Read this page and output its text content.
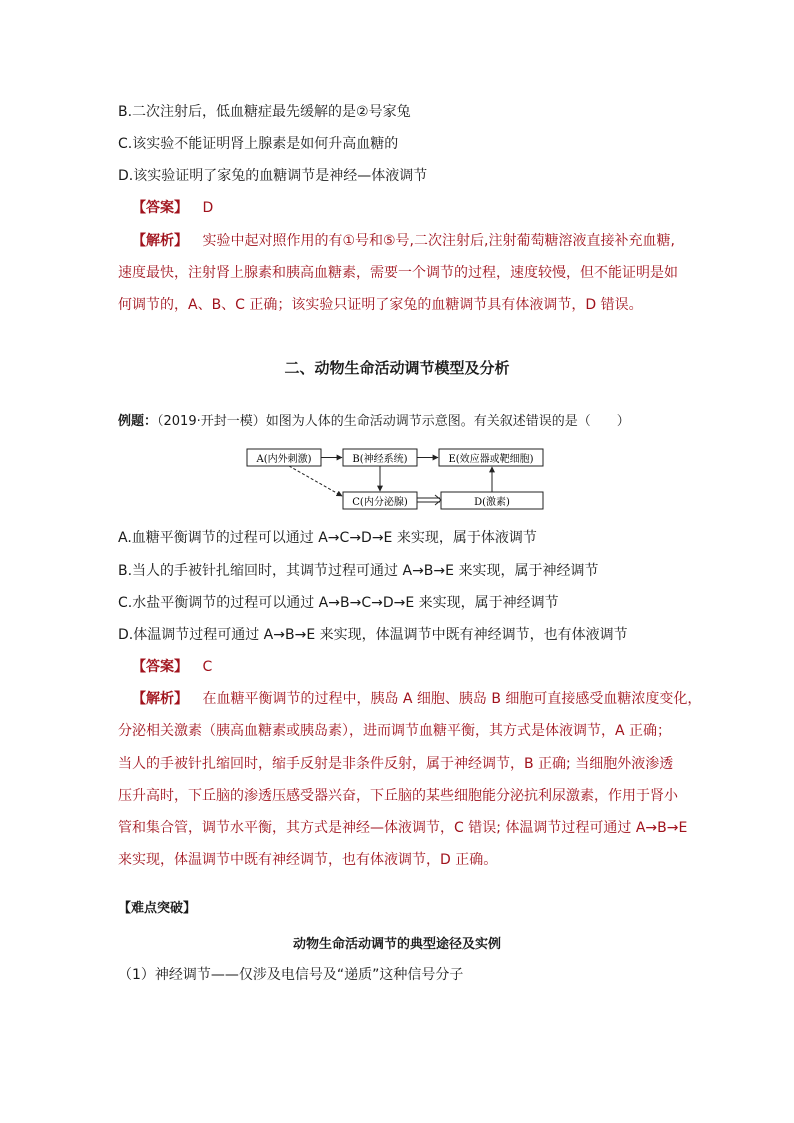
B.二次注射后，低血糖症最先缓解的是②号家兔
C.该实验不能证明肾上腺素是如何升高血糖的
D.该实验证明了家兔的血糖调节是神经—体液调节
【答案】 D
【解析】 实验中起对照作用的有①号和⑤号,二次注射后,注射葡萄糖溶液直接补充血糖,
速度最快，注射肾上腺素和胰高血糖素，需要一个调节的过程，速度较慢，但不能证明是如
何调节的，A、B、C 正确；该实验只证明了家兔的血糖调节具有体液调节，D 错误。
二、动物生命活动调节模型及分析
例题：（2019·开封一模）如图为人体的生命活动调节示意图。有关叙述错误的是（　　）
A(内外刺激)	B(神经系统)	E(效应器或靶细胞)
C(内分泌腺)	D(激素)
A.血糖平衡调节的过程可以通过 A→C→D→E 来实现，属于体液调节
B.当人的手被针扎缩回时，其调节过程可通过 A→B→E 来实现，属于神经调节
C.水盐平衡调节的过程可以通过 A→B→C→D→E 来实现，属于神经调节
D.体温调节过程可通过 A→B→E 来实现，体温调节中既有神经调节，也有体液调节
【答案】 C
【解析】 在血糖平衡调节的过程中，胰岛 A 细胞、胰岛 B 细胞可直接感受血糖浓度变化，
分泌相关激素（胰高血糖素或胰岛素），进而调节血糖平衡，其方式是体液调节，A 正确；
当人的手被针扎缩回时，缩手反射是非条件反射，属于神经调节，B 正确; 当细胞外液渗透
压升高时，下丘脑的渗透压感受器兴奋，下丘脑的某些细胞能分泌抗利尿激素，作用于肾小
管和集合管，调节水平衡，其方式是神经—体液调节，C 错误; 体温调节过程可通过 A→B→E
来实现，体温调节中既有神经调节，也有体液调节，D 正确。
【难点突破】
动物生命活动调节的典型途径及实例
（1）神经调节——仅涉及电信号及“递质”这种信号分子
